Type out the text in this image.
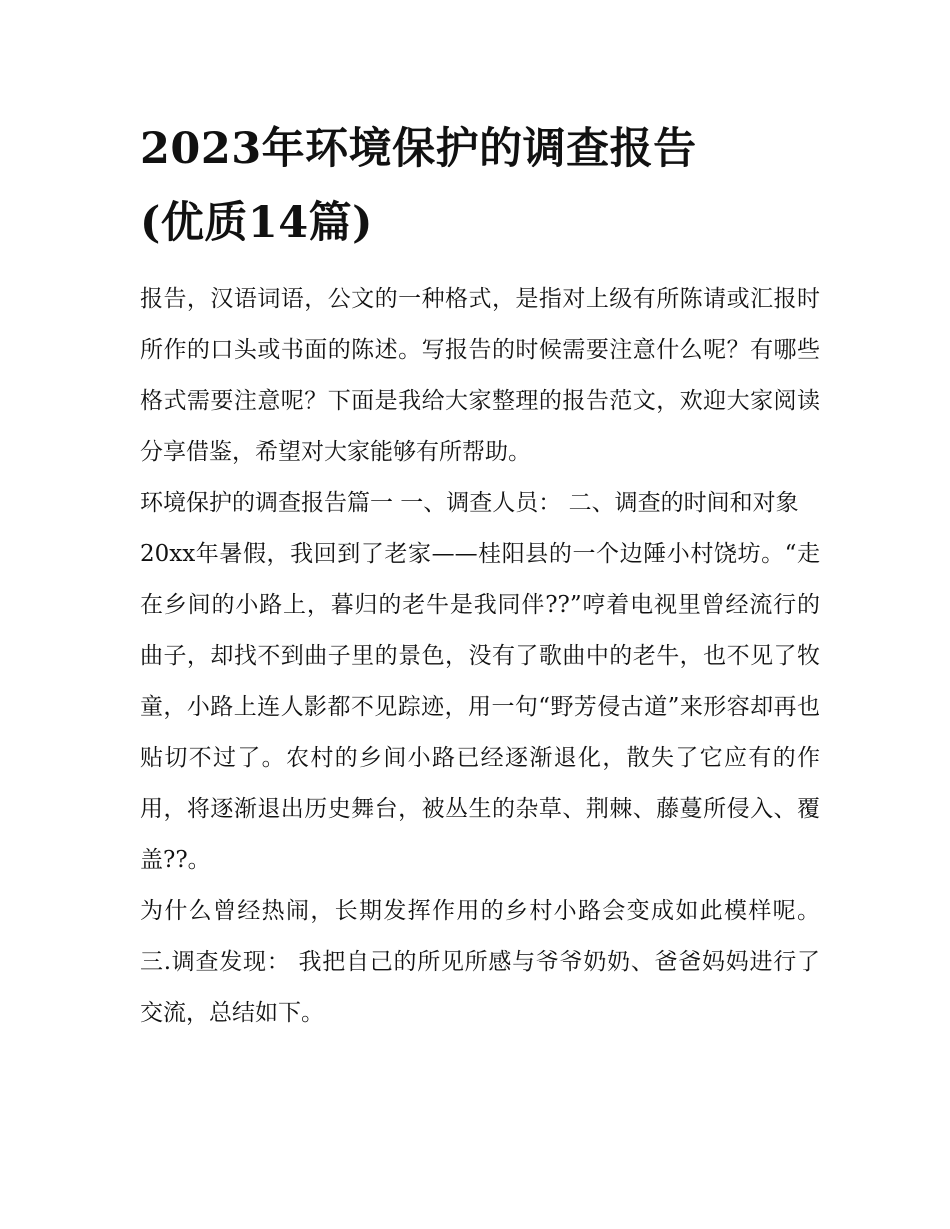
2023年环境保护的调查报告
(优质14篇)

报告，汉语词语，公文的一种格式，是指对上级有所陈请或汇报时所作的口头或书面的陈述。写报告的时候需要注意什么呢？有哪些格式需要注意呢？下面是我给大家整理的报告范文，欢迎大家阅读分享借鉴，希望对大家能够有所帮助。

环境保护的调查报告篇一 一、调查人员： 二、调查的时间和对象

20xx年暑假，我回到了老家——桂阳县的一个边陲小村饶坊。“走在乡间的小路上，暮归的老牛是我同伴??”哼着电视里曾经流行的曲子，却找不到曲子里的景色，没有了歌曲中的老牛，也不见了牧童，小路上连人影都不见踪迹，用一句“野芳侵古道”来形容却再也贴切不过了。农村的乡间小路已经逐渐退化，散失了它应有的作用，将逐渐退出历史舞台，被丛生的杂草、荆棘、藤蔓所侵入、覆盖??。

为什么曾经热闹，长期发挥作用的乡村小路会变成如此模样呢。 三.调查发现： 我把自己的所见所感与爷爷奶奶、爸爸妈妈进行了交流，总结如下。
